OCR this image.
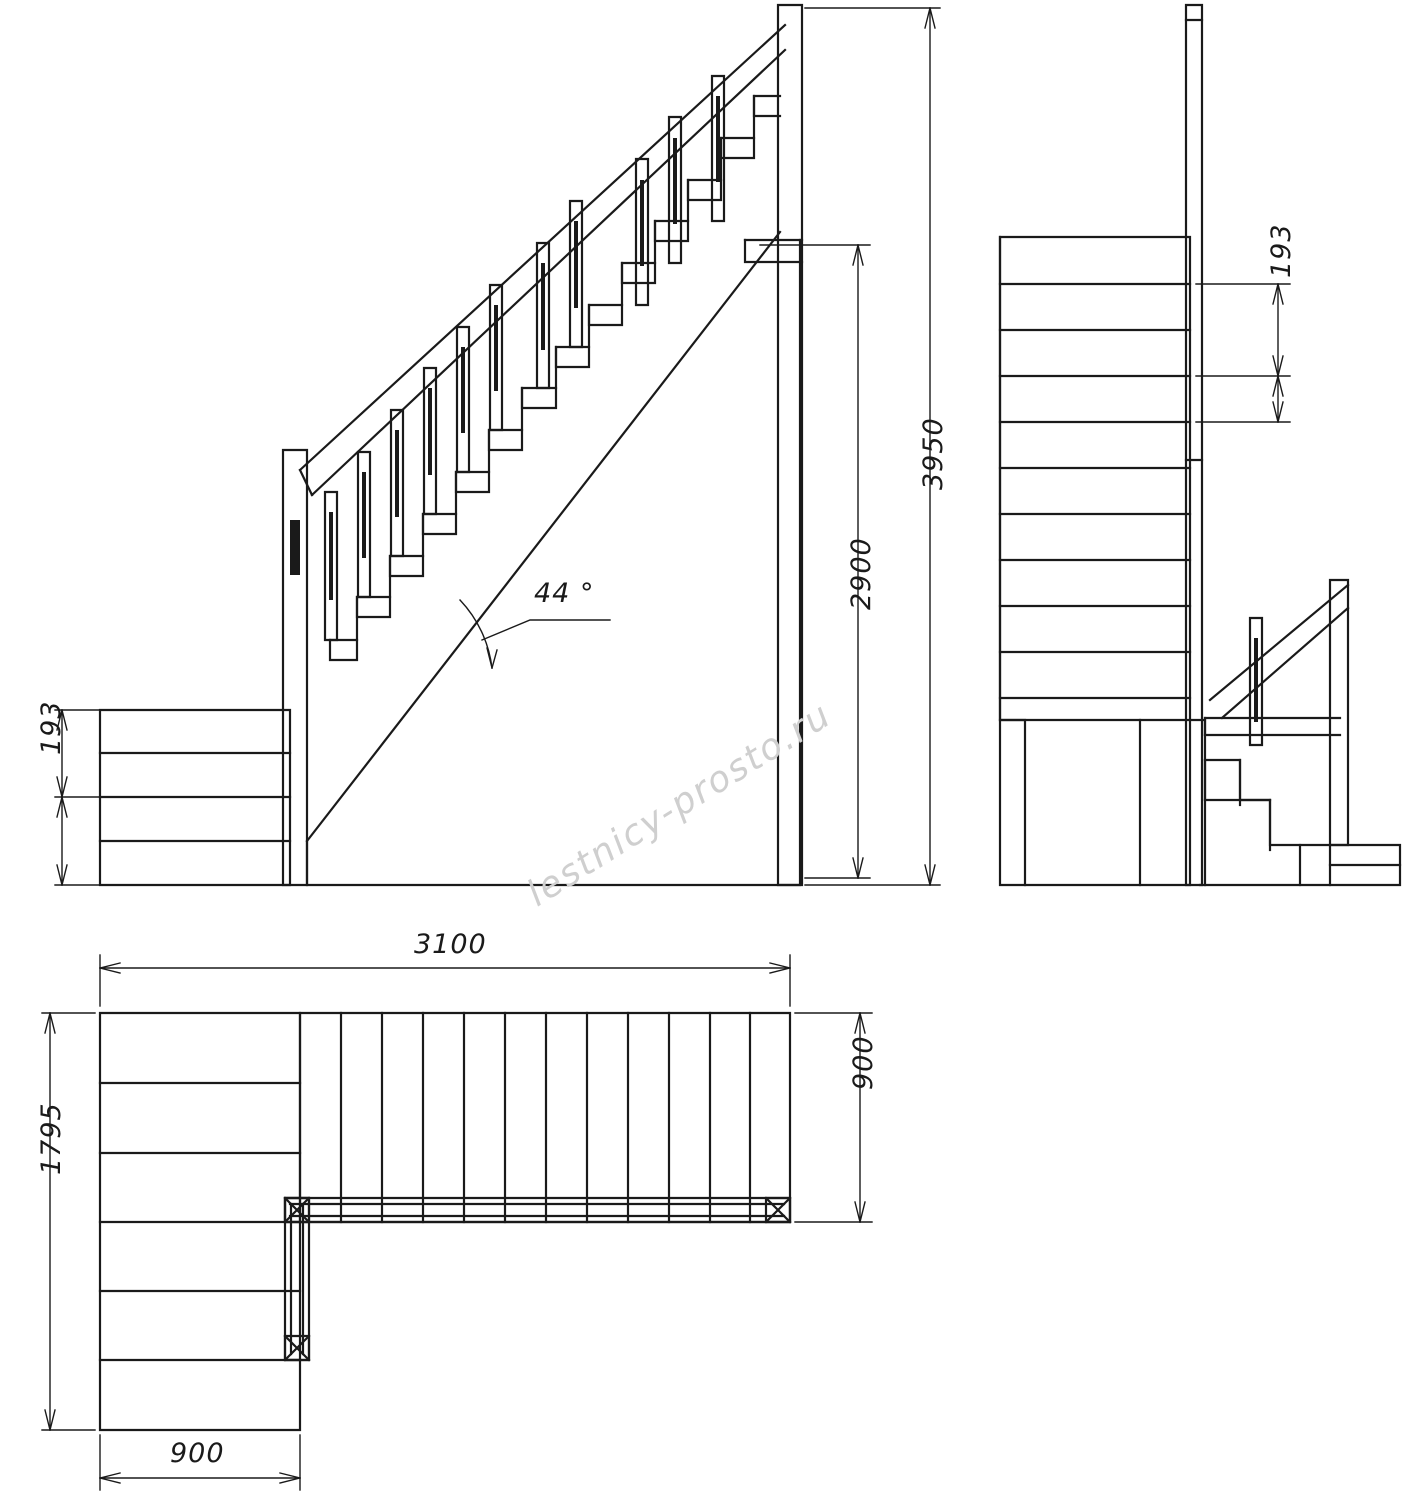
3950
2900
193
44 °
193
3100
900
1795
900
lestnicy-prosto.ru
